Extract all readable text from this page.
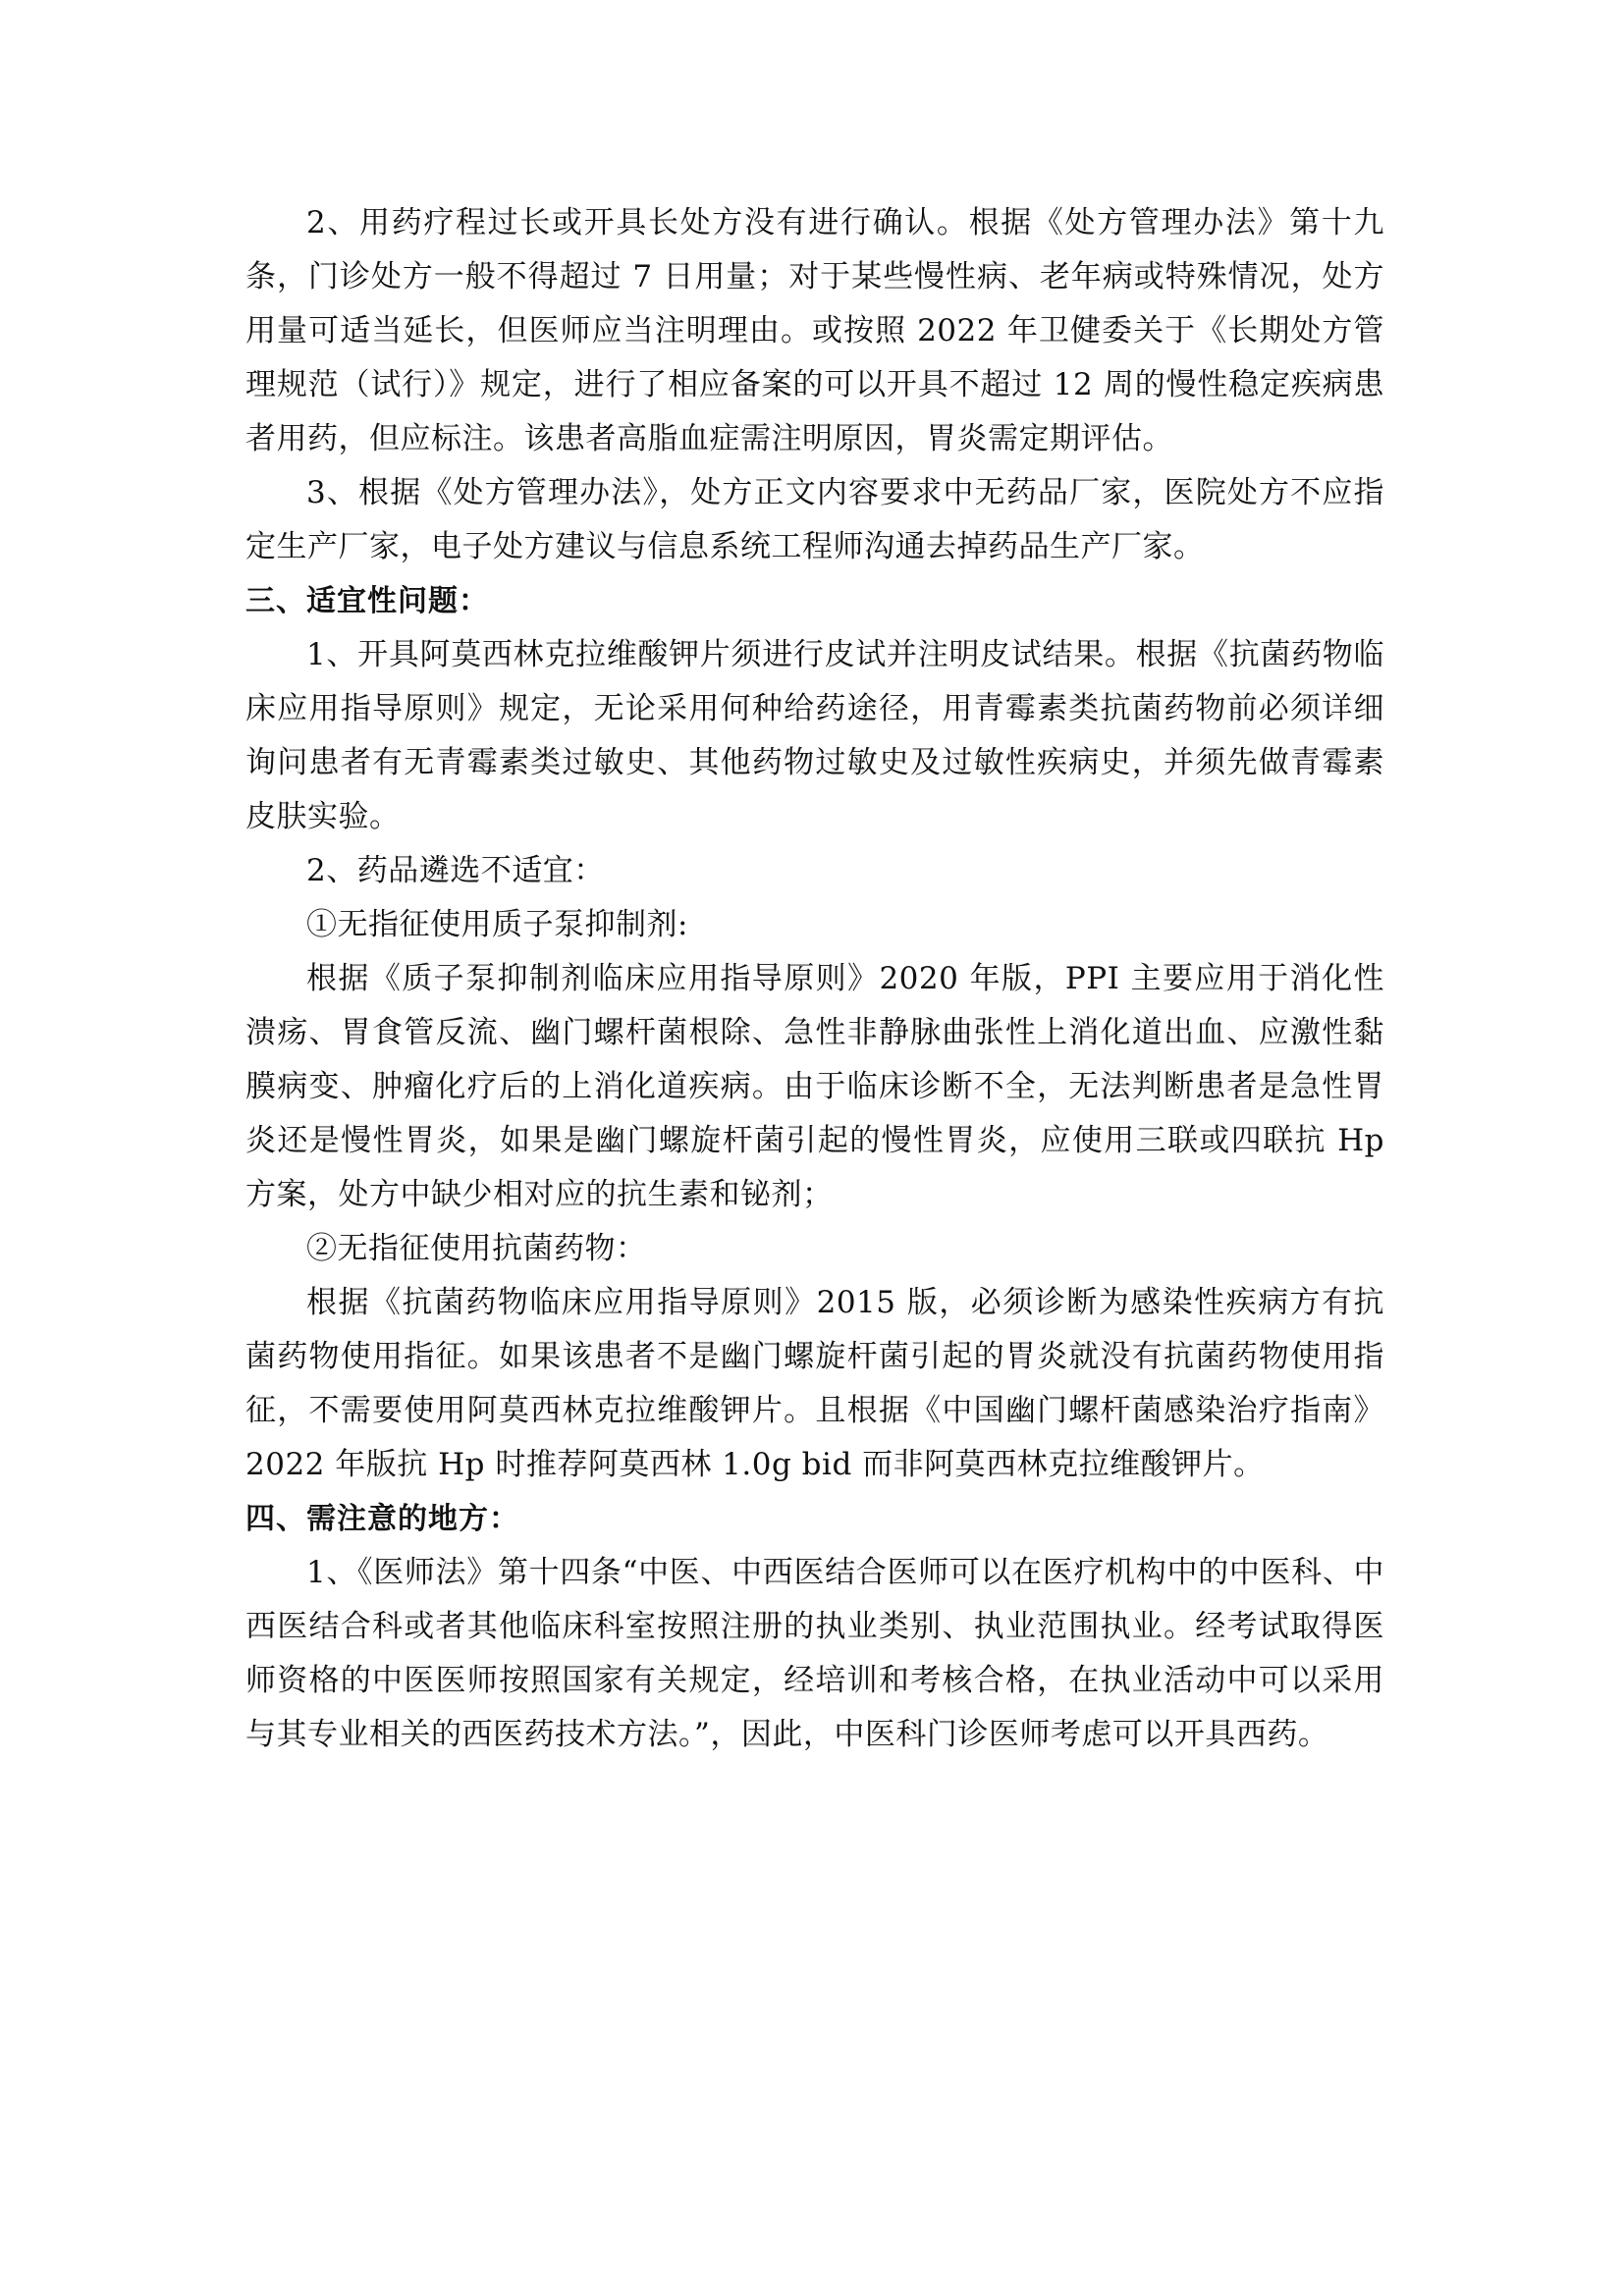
2、用药疗程过长或开具长处方没有进行确认。根据《处方管理办法》第十九条，门诊处方一般不得超过 7 日用量；对于某些慢性病、老年病或特殊情况，处方用量可适当延长，但医师应当注明理由。或按照 2022 年卫健委关于《长期处方管理规范（试行）》规定，进行了相应备案的可以开具不超过 12 周的慢性稳定疾病患者用药，但应标注。该患者高脂血症需注明原因，胃炎需定期评估。

3、根据《处方管理办法》，处方正文内容要求中无药品厂家，医院处方不应指定生产厂家，电子处方建议与信息系统工程师沟通去掉药品生产厂家。

三、适宜性问题：

1、开具阿莫西林克拉维酸钾片须进行皮试并注明皮试结果。根据《抗菌药物临床应用指导原则》规定，无论采用何种给药途径，用青霉素类抗菌药物前必须详细询问患者有无青霉素类过敏史、其他药物过敏史及过敏性疾病史，并须先做青霉素皮肤实验。

2、药品遴选不适宜：

①无指征使用质子泵抑制剂:

根据《质子泵抑制剂临床应用指导原则》2020 年版，PPI 主要应用于消化性溃疡、胃食管反流、幽门螺杆菌根除、急性非静脉曲张性上消化道出血、应激性黏膜病变、肿瘤化疗后的上消化道疾病。由于临床诊断不全，无法判断患者是急性胃炎还是慢性胃炎，如果是幽门螺旋杆菌引起的慢性胃炎，应使用三联或四联抗 Hp 方案，处方中缺少相对应的抗生素和铋剂；

②无指征使用抗菌药物：

根据《抗菌药物临床应用指导原则》2015 版，必须诊断为感染性疾病方有抗菌药物使用指征。如果该患者不是幽门螺旋杆菌引起的胃炎就没有抗菌药物使用指征，不需要使用阿莫西林克拉维酸钾片。且根据《中国幽门螺杆菌感染治疗指南》2022 年版抗 Hp 时推荐阿莫西林 1.0g bid 而非阿莫西林克拉维酸钾片。

四、需注意的地方：

1、《医师法》第十四条“中医、中西医结合医师可以在医疗机构中的中医科、中西医结合科或者其他临床科室按照注册的执业类别、执业范围执业。经考试取得医师资格的中医医师按照国家有关规定，经培训和考核合格，在执业活动中可以采用与其专业相关的西医药技术方法。”，因此，中医科门诊医师考虑可以开具西药。
